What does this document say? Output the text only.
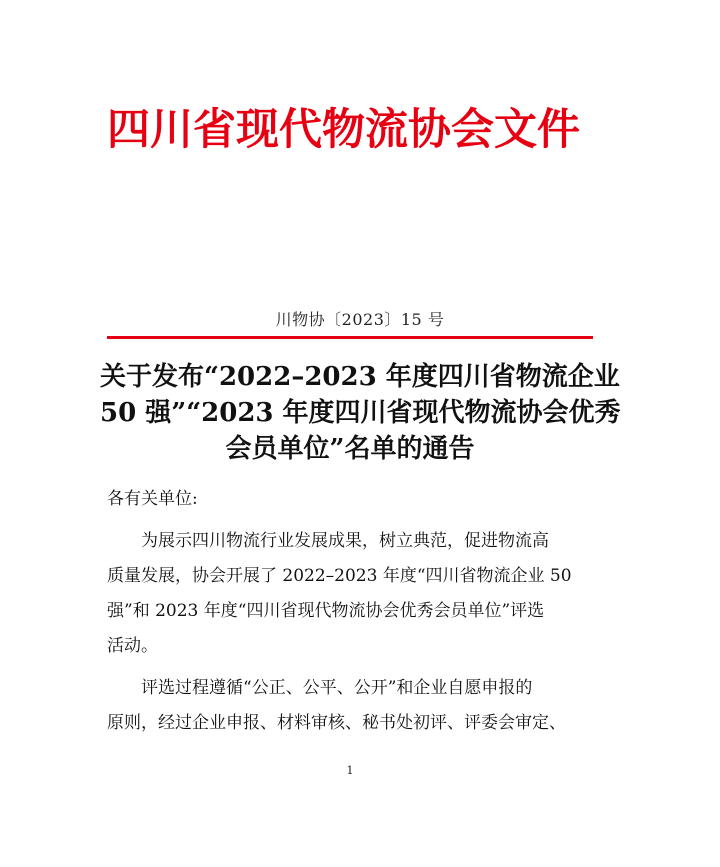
四川省现代物流协会文件
川物协〔2023〕15 号
关于发布“2022–2023 年度四川省物流企业
50 强”“2023 年度四川省现代物流协会优秀
会员单位”名单的通告
各有关单位:
为展示四川物流行业发展成果，树立典范，促进物流高
质量发展，协会开展了 2022–2023 年度“四川省物流企业 50
强”和 2023 年度“四川省现代物流协会优秀会员单位”评选
活动。
评选过程遵循“公正、公平、公开”和企业自愿申报的
原则，经过企业申报、材料审核、秘书处初评、评委会审定、
1
